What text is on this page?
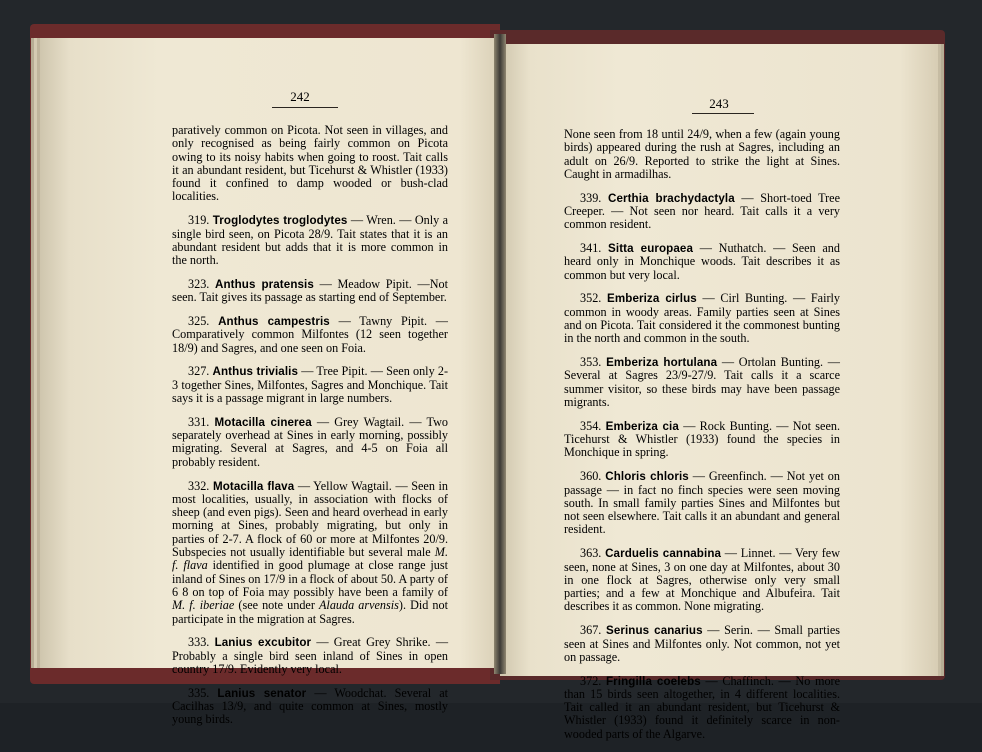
242	243

paratively common on Picota. Not seen in villages, and only recognised as being fairly common on Picota owing to its noisy habits when going to roost. Tait calls it an abundant resident, but Ticehurst & Whistler (1933) found it confined to damp wooded or bush-clad localities.

319. Troglodytes troglodytes — Wren. — Only a single bird seen, on Picota 28/9. Tait states that it is an abundant resident but adds that it is more common in the north.

323. Anthus pratensis — Meadow Pipit. —Not seen. Tait gives its passage as starting end of September.

325. Anthus campestris — Tawny Pipit. — Comparatively common Milfontes (12 seen together 18/9) and Sagres, and one seen on Foia.

327. Anthus trivialis — Tree Pipit. — Seen only 2-3 together Sines, Milfontes, Sagres and Monchique. Tait says it is a passage migrant in large numbers.

331. Motacilla cinerea — Grey Wagtail. — Two separately overhead at Sines in early morning, possibly migrating. Several at Sagres, and 4-5 on Foia all probably resident.

332. Motacilla flava — Yellow Wagtail. — Seen in most localities, usually, in association with flocks of sheep (and even pigs). Seen and heard overhead in early morning at Sines, probably migrating, but only in parties of 2-7. A flock of 60 or more at Milfontes 20/9. Subspecies not usually identifiable but several male M. f. flava identified in good plumage at close range just inland of Sines on 17/9 in a flock of about 50. A party of 6 8 on top of Foia may possibly have been a family of M. f. iberiae (see note under Alauda arvensis). Did not participate in the migration at Sagres.

333. Lanius excubitor — Great Grey Shrike. — Probably a single bird seen inland of Sines in open country 17/9. Evidently very local.

335. Lanius senator — Woodchat. Several at Cacilhas 13/9, and quite common at Sines, mostly young birds.

None seen from 18 until 24/9, when a few (again young birds) appeared during the rush at Sagres, including an adult on 26/9. Reported to strike the light at Sines. Caught in armadilhas.

339. Certhia brachydactyla — Short-toed Tree Creeper. — Not seen nor heard. Tait calls it a very common resident.

341. Sitta europaea — Nuthatch. — Seen and heard only in Monchique woods. Tait describes it as common but very local.

352. Emberiza cirlus — Cirl Bunting. — Fairly common in woody areas. Family parties seen at Sines and on Picota. Tait considered it the commonest bunting in the north and common in the south.

353. Emberiza hortulana — Ortolan Bunting. — Several at Sagres 23/9-27/9. Tait calls it a scarce summer visitor, so these birds may have been passage migrants.

354. Emberiza cia — Rock Bunting. — Not seen. Ticehurst & Whistler (1933) found the species in Monchique in spring.

360. Chloris chloris — Greenfinch. — Not yet on passage — in fact no finch species were seen moving south. In small family parties Sines and Milfontes but not seen elsewhere. Tait calls it an abundant and general resident.

363. Carduelis cannabina — Linnet. — Very few seen, none at Sines, 3 on one day at Milfontes, about 30 in one flock at Sagres, otherwise only very small parties; and a few at Monchique and Albufeira. Tait describes it as common. None migrating.

367. Serinus canarius — Serin. — Small parties seen at Sines and Milfontes only. Not common, not yet on passage.

372. Fringilla coelebs — Chaffinch. — No more than 15 birds seen altogether, in 4 different localities. Tait called it an abundant resident, but Ticehurst & Whistler (1933) found it definitely scarce in non-wooded parts of the Algarve.
